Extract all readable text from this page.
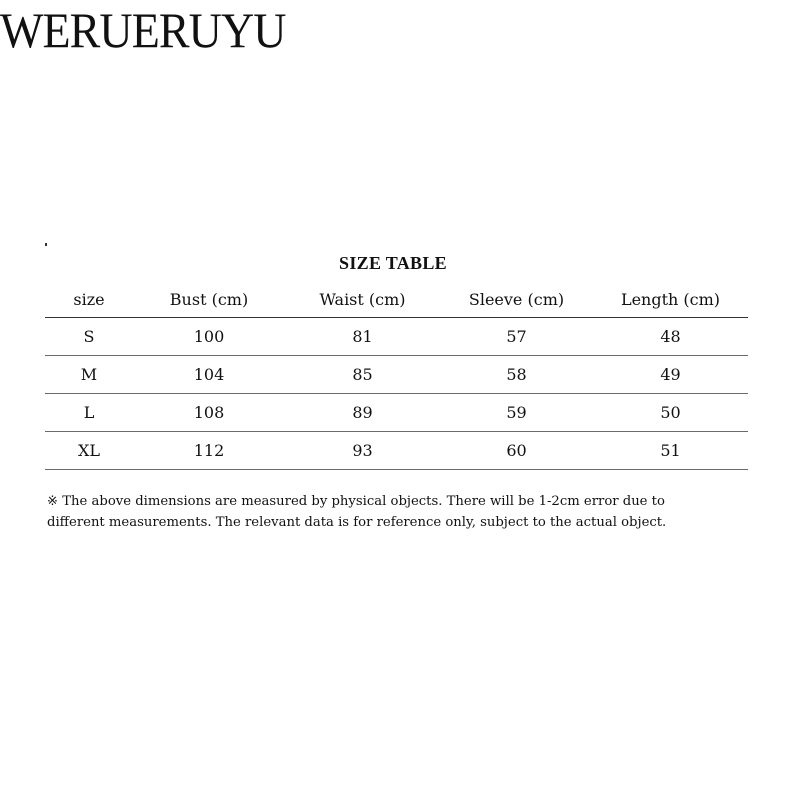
WERUERUYU
SIZE TABLE
size	Bust (cm)	Waist (cm)	Sleeve (cm)	Length (cm)
S	100	81	57	48
M	104	85	58	49
L	108	89	59	50
XL	112	93	60	51
※ The above dimensions are measured by physical objects. There will be 1-2cm error due to
different measurements. The relevant data is for reference only, subject to the actual object.
